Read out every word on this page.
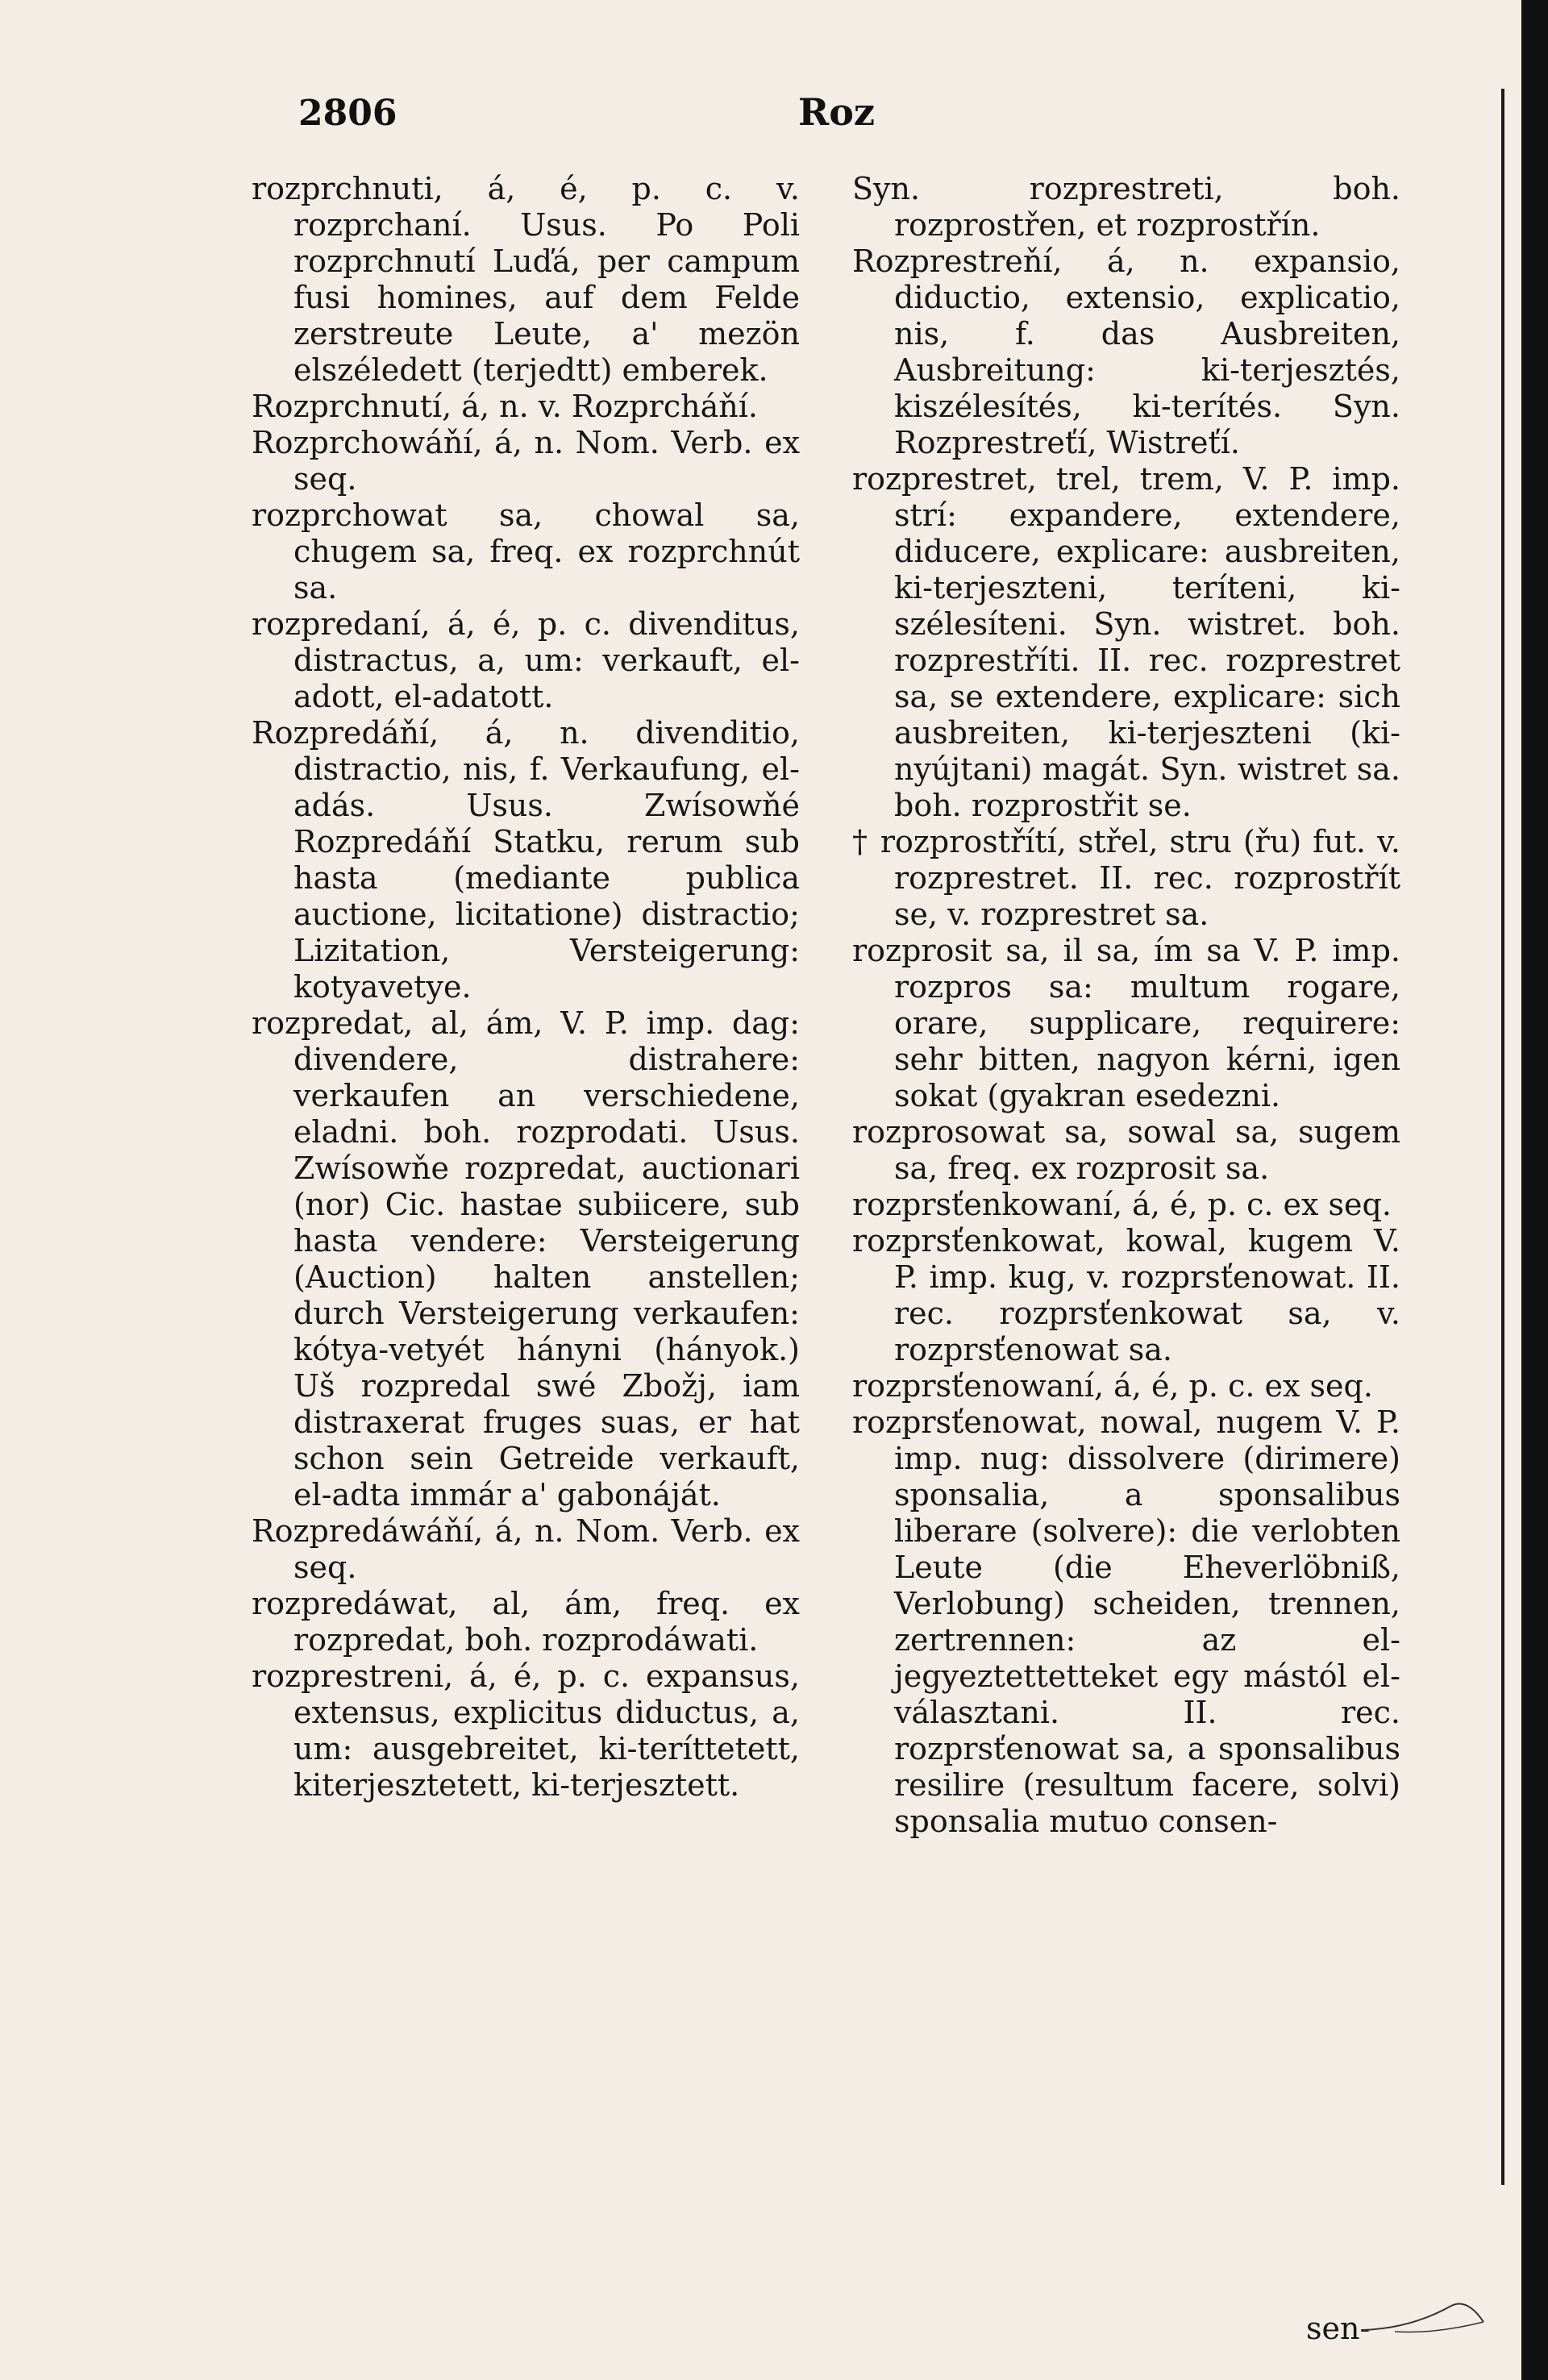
2806	Roz

rozprchnuti, á, é, p. c. v. rozprchaní. Usus. Po Poli rozprchnutí Luďá, per campum fusi homines, auf dem Felde zerstreute Leute, a' mezön elszéledett (terjedtt) emberek.

Rozprchnutí, á, n. v. Rozprcháňí.

Rozprchowáňí, á, n. Nom. Verb. ex seq.

rozprchowat sa, chowal sa, chugem sa, freq. ex rozprchnút sa.

rozpredaní, á, é, p. c. divenditus, distractus, a, um: verkauft, el-adott, el-adatott.

Rozpredáňí, á, n. divenditio, distractio, nis, f. Verkaufung, el-adás. Usus. Zwísowňé Rozpredáňí Statku, rerum sub hasta (mediante publica auctione, licitatione) distractio; Lizitation, Versteigerung: kotyavetye.

rozpredat, al, ám, V. P. imp. dag: divendere, distrahere: verkaufen an verschiedene, eladni. boh. rozprodati. Usus. Zwísowňe rozpredat, auctionari (nor) Cic. hastae subiicere, sub hasta vendere: Versteigerung (Auction) halten anstellen; durch Versteigerung verkaufen: kótya-vetyét hányni (hányok.) Uš rozpredal swé Zbožj, iam distraxerat fruges suas, er hat schon sein Getreide verkauft, el-adta immár a' gabonáját.

Rozpredáwáňí, á, n. Nom. Verb. ex seq.

rozpredáwat, al, ám, freq. ex rozpredat, boh. rozprodáwati.

rozprestreni, á, é, p. c. expansus, extensus, explicitus diductus, a, um: ausgebreitet, ki-teríttetett, kiterjesztetett, ki-terjesztett.

Syn. rozprestreti, boh. rozprostřen, et rozprostřín.

Rozprestreňí, á, n. expansio, diductio, extensio, explicatio, nis, f. das Ausbreiten, Ausbreitung: ki-terjesztés, kiszélesítés, ki-terítés. Syn. Rozprestreťí, Wistreťí.

rozprestret, trel, trem, V. P. imp. strí: expandere, extendere, diducere, explicare: ausbreiten, ki-terjeszteni, teríteni, ki-szélesíteni. Syn. wistret. boh. rozprestříti. II. rec. rozprestret sa, se extendere, explicare: sich ausbreiten, ki-terjeszteni (ki-nyújtani) magát. Syn. wistret sa. boh. rozprostřit se.

† rozprostřítí, střel, stru (řu) fut. v. rozprestret. II. rec. rozprostřít se, v. rozprestret sa.

rozprosit sa, il sa, ím sa V. P. imp. rozpros sa: multum rogare, orare, supplicare, requirere: sehr bitten, nagyon kérni, igen sokat (gyakran esedezni.

rozprosowat sa, sowal sa, sugem sa, freq. ex rozprosit sa.

rozprsťenkowaní, á, é, p. c. ex seq.

rozprsťenkowat, kowal, kugem V. P. imp. kug, v. rozprsťenowat. II. rec. rozprsťenkowat sa, v. rozprsťenowat sa.

rozprsťenowaní, á, é, p. c. ex seq.

rozprsťenowat, nowal, nugem V. P. imp. nug: dissolvere (dirimere) sponsalia, a sponsalibus liberare (solvere): die verlobten Leute (die Eheverlöbniß, Verlobung) scheiden, trennen, zertrennen: az el-jegyeztettetteket egy mástól el-választani. II. rec. rozprsťenowat sa, a sponsalibus resilire (resultum facere, solvi) sponsalia mutuo consen-

sen-
